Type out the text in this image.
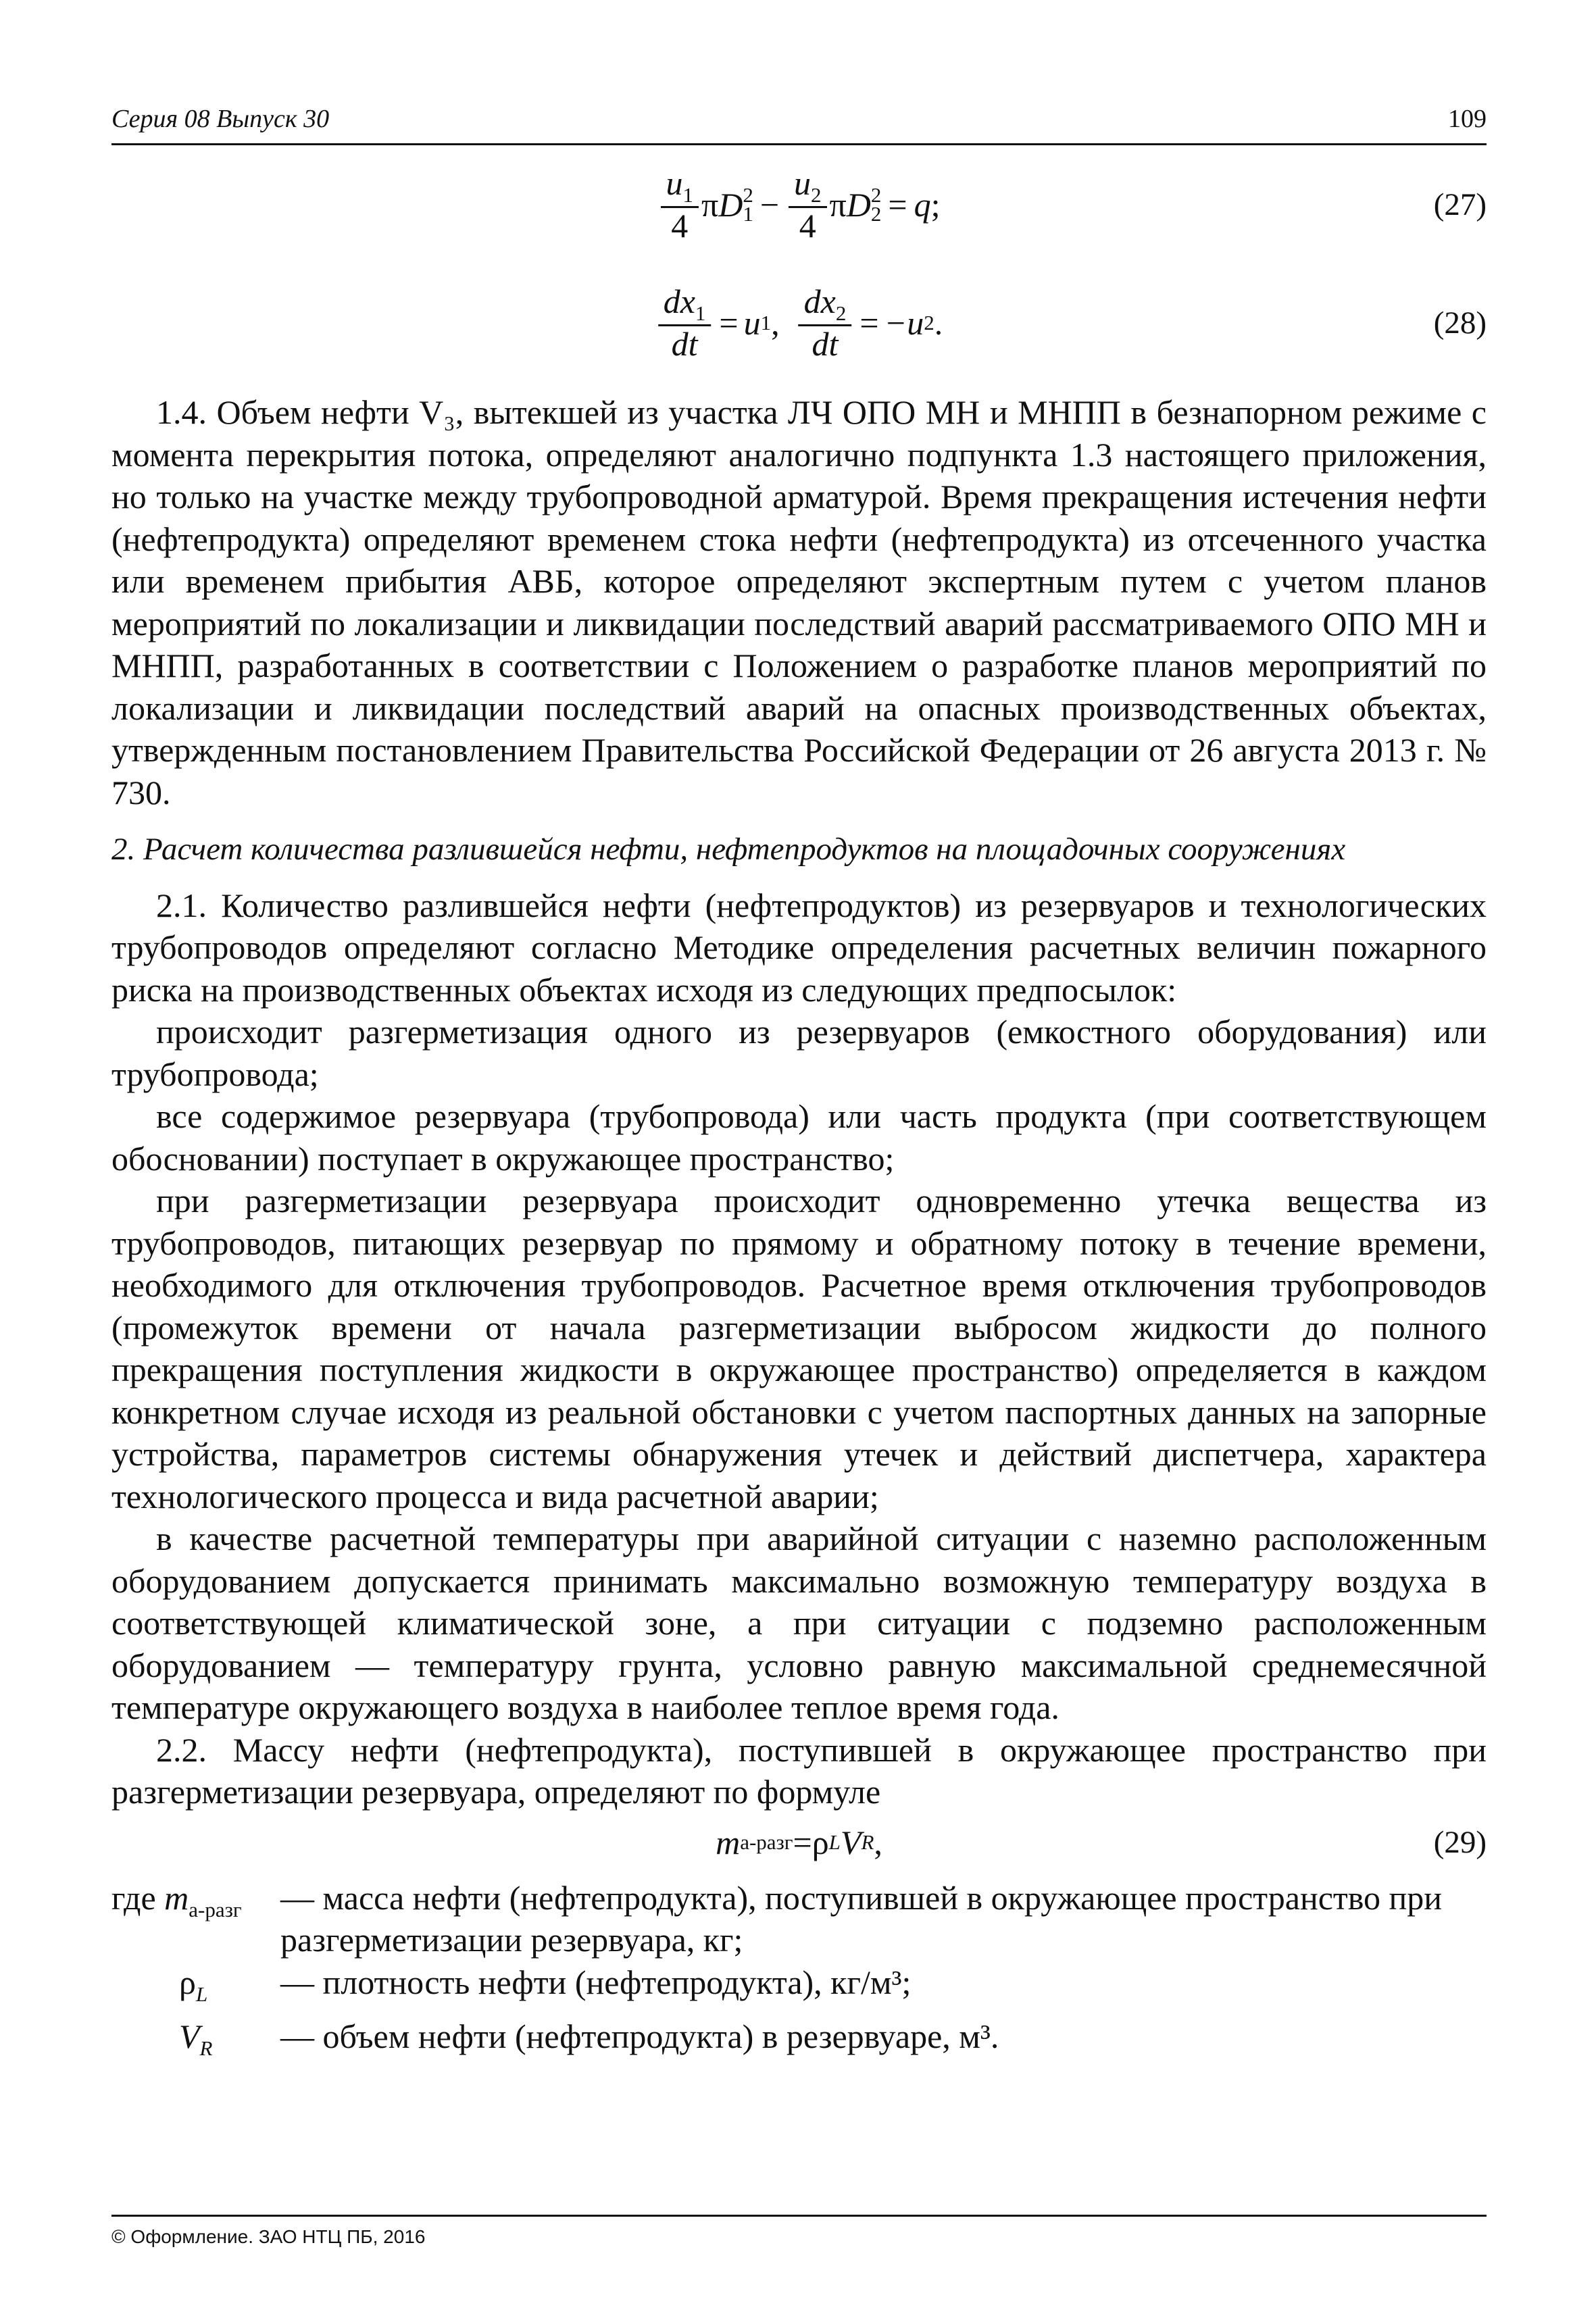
Серия 08 Выпуск 30	109
$\frac{u_1}{4}$ π D 2
$1 - \frac{u_2}{4}$ π D 2
2 = q ;	(27)
$\frac{dx_1}{dt} = u$ 1 , $\frac{dx_2}{dt} = -u$ 2 .	(28)

1.4. Объем нефти V₃, вытекшей из участка ЛЧ ОПО МН и МНПП в безнапорном режиме с момента перекрытия потока, определяют аналогично подпункта 1.3 настоящего приложения, но только на участке между трубопроводной арматурой. Время прекращения истечения нефти (нефтепродукта) определяют временем стока нефти (нефтепродукта) из отсеченного участка или временем прибытия АВБ, которое определяют экспертным путем с учетом планов мероприятий по локализации и ликвидации последствий аварий рассматриваемого ОПО МН и МНПП, разработанных в соответствии с Положением о разработке планов мероприятий по локализации и ликвидации последствий аварий на опасных производственных объектах, утвержденным постановлением Правительства Российской Федерации от 26 августа 2013 г. № 730.

2. Расчет количества разлившейся нефти, нефтепродуктов на площадочных сооружениях

2.1. Количество разлившейся нефти (нефтепродуктов) из резервуаров и технологических трубопроводов определяют согласно Методике определения расчетных величин пожарного риска на производственных объектах исходя из следующих предпосылок:

происходит разгерметизация одного из резервуаров (емкостного оборудования) или трубопровода;

все содержимое резервуара (трубопровода) или часть продукта (при соответствующем обосновании) поступает в окружающее пространство;

при разгерметизации резервуара происходит одновременно утечка вещества из трубопроводов, питающих резервуар по прямому и обратному потоку в течение времени, необходимого для отключения трубопроводов. Расчетное время отключения трубопроводов (промежуток времени от начала разгерметизации выбросом жидкости до полного прекращения поступления жидкости в окружающее пространство) определяется в каждом конкретном случае исходя из реальной обстановки с учетом паспортных данных на запорные устройства, параметров системы обнаружения утечек и действий диспетчера, характера технологического процесса и вида расчетной аварии;

в качестве расчетной температуры при аварийной ситуации с наземно расположенным оборудованием допускается принимать максимально возможную температуру воздуха в соответствующей климатической зоне, а при ситуации с подземно расположенным оборудованием — температуру грунта, условно равную максимальной среднемесячной температуре окружающего воздуха в наиболее теплое время года.

2.2. Массу нефти (нефтепродукта), поступившей в окружающее пространство при разгерметизации резервуара, определяют по формуле

m а-разг = ρ L V R ,	(29)
где $m_{а-разг}$	— масса нефти (нефтепродукта), поступившей в окружающее пространство при разгерметизации резервуара, кг;
$\rho_L$	— плотность нефти (нефтепродукта), кг/м³;
$V_R$	— объем нефти (нефтепродукта) в резервуаре, м³.
© Оформление. ЗАО НТЦ ПБ, 2016
